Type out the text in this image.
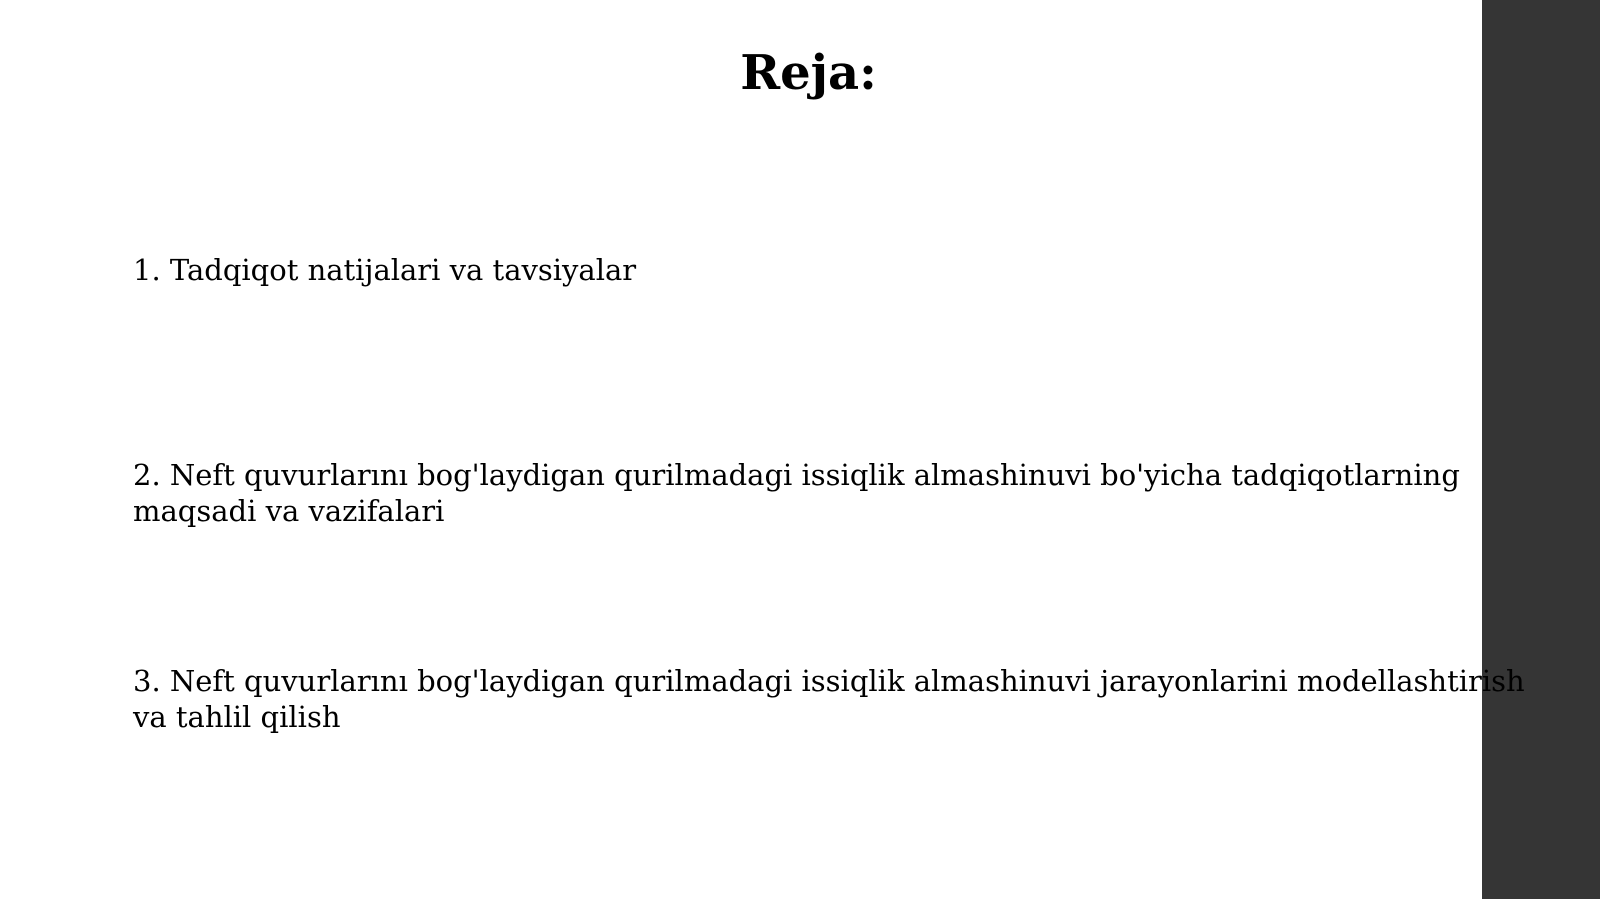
Reja:

1. Tadqiqot natijalari va tavsiyalar

2. Neft quvurlarını bog'laydigan qurilmadagi issiqlik almashinuvi bo'yicha tadqiqotlarning
maqsadi va vazifalari

3. Neft quvurlarını bog'laydigan qurilmadagi issiqlik almashinuvi jarayonlarini modellashtirish
va tahlil qilish
